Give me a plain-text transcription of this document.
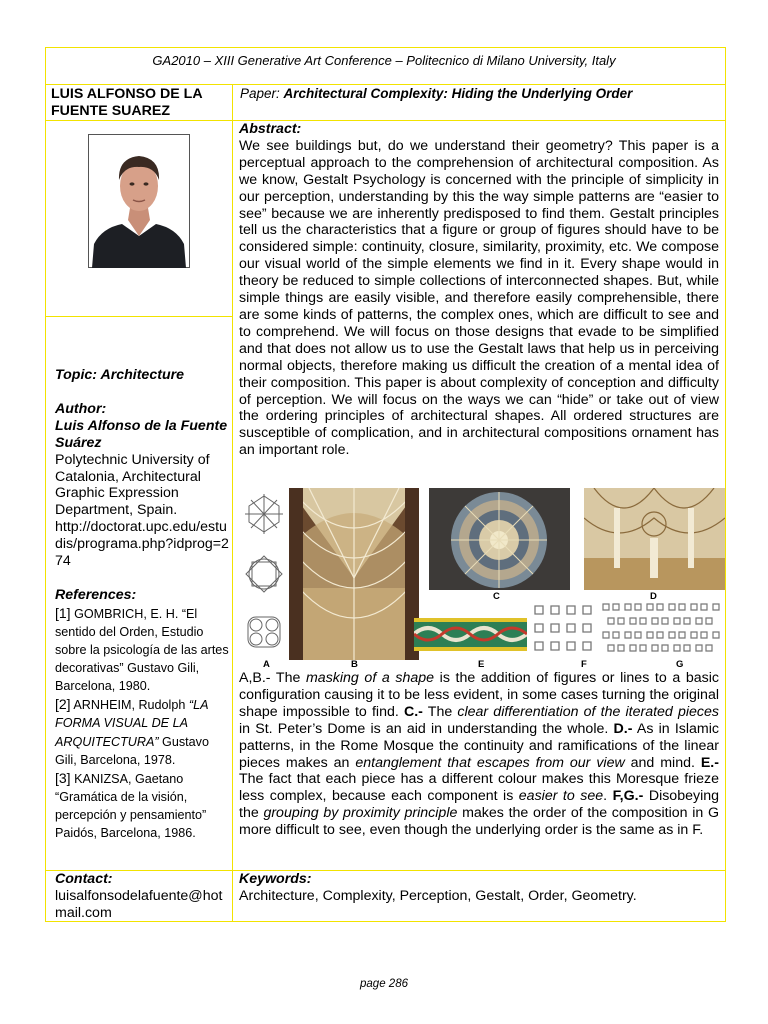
GA2010 – XIII Generative Art Conference – Politecnico di Milano University, Italy
LUIS ALFONSO DE LA FUENTE SUAREZ
Paper: Architectural Complexity: Hiding the Underlying Order
Topic: Architecture
Author:
Luis Alfonso de la Fuente Suárez
Polytechnic University of Catalonia, Architectural Graphic Expression Department, Spain.
http://doctorat.upc.edu/estudis/programa.php?idprog=274
References:
[1] GOMBRICH, E. H. “El sentido del Orden, Estudio sobre la psicología de las artes decorativas” Gustavo Gili, Barcelona, 1980.
[2] ARNHEIM, Rudolph “LA FORMA VISUAL DE LA ARQUITECTURA” Gustavo Gili, Barcelona, 1978.
[3] KANIZSA, Gaetano “Gramática de la visión, percepción y pensamiento” Paidós, Barcelona, 1986.
Contact:
luisalfonsodelafuente@hotmail.com
Abstract:

We see buildings but, do we understand their geometry? This paper is a perceptual approach to the comprehension of architectural composition. As we know, Gestalt Psychology is concerned with the principle of simplicity in our perception, understanding by this the way simple patterns are “easier to see” because we are inherently predisposed to find them. Gestalt principles tell us the characteristics that a figure or group of figures should have to be considered simple: continuity, closure, similarity, proximity, etc. We compose our visual world of the simple elements we find in it. Every shape would in theory be reduced to simple collections of interconnected shapes. But, while simple things are easily visible, and therefore easily comprehensible, there are some kinds of patterns, the complex ones, which are difficult to see and to comprehend. We will focus on those designs that evade to be simplified and that does not allow us to use the Gestalt laws that help us in perceiving normal objects, therefore making us difficult the creation of a mental idea of their composition. This paper is about complexity of conception and difficulty of perception. We will focus on the ways we can “hide” or take out of view the ordering principles of architectural shapes. All ordered structures are susceptible of complication, and in architectural compositions ornament has an important role.

A	B
C	D
E	F	G

A,B.- The masking of a shape is the addition of figures or lines to a basic configuration causing it to be less evident, in some cases turning the original shape impossible to find. C.- The clear differentiation of the iterated pieces in St. Peter’s Dome is an aid in understanding the whole. D.- As in Islamic patterns, in the Rome Mosque the continuity and ramifications of the linear pieces makes an entanglement that escapes from our view and mind. E.- The fact that each piece has a different colour makes this Moresque frieze less complex, because each component is easier to see. F,G.- Disobeying the grouping by proximity principle makes the order of the composition in G more difficult to see, even though the underlying order is the same as in F.

Keywords:
Architecture, Complexity, Perception, Gestalt, Order, Geometry.
page 286
